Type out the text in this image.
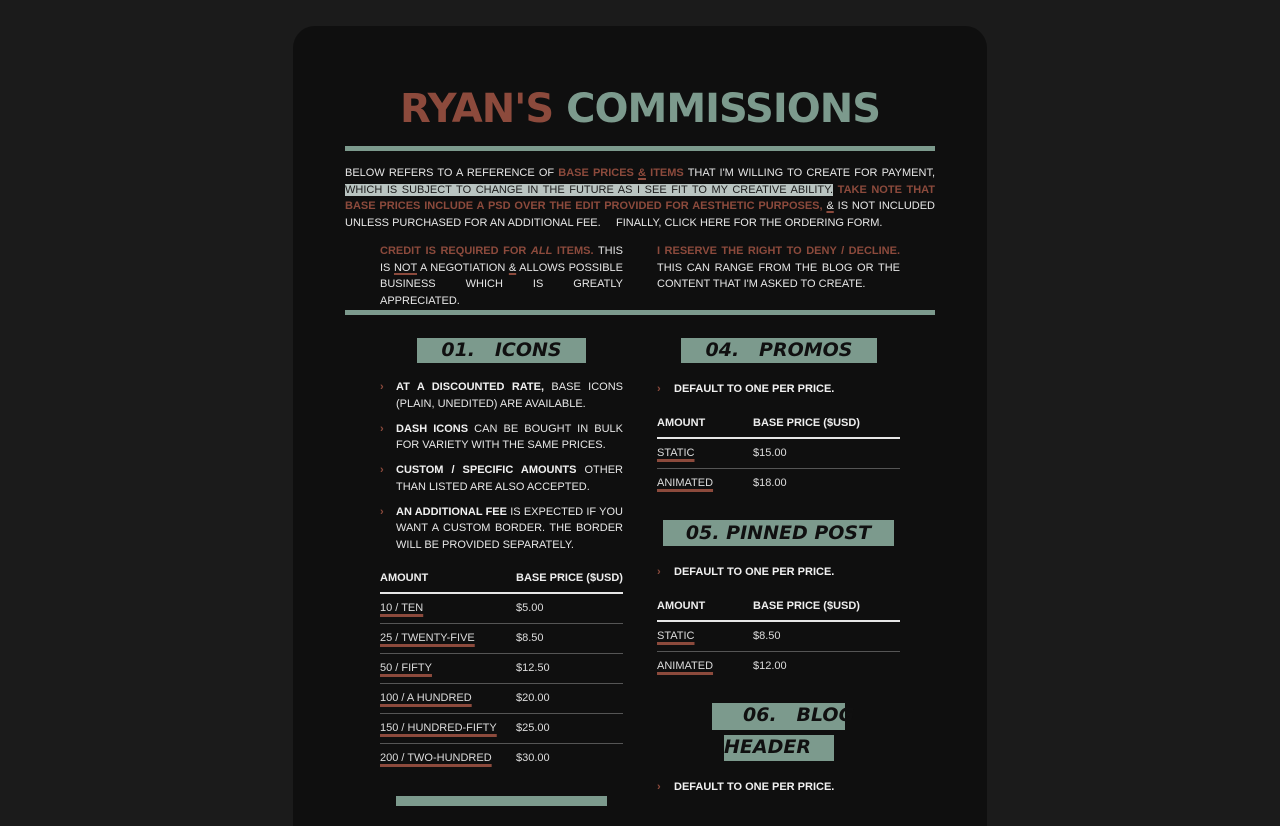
RYAN'S COMMISSIONS
BELOW REFERS TO A REFERENCE OF BASE PRICES & ITEMS THAT I'M WILLING TO CREATE FOR PAYMENT, WHICH IS SUBJECT TO CHANGE IN THE FUTURE AS I SEE FIT TO MY CREATIVE ABILITY. TAKE NOTE THAT BASE PRICES INCLUDE A PSD OVER THE EDIT PROVIDED FOR AESTHETIC PURPOSES, & IS NOT INCLUDED UNLESS PURCHASED FOR AN ADDITIONAL FEE. FINALLY, CLICK HERE FOR THE ORDERING FORM.
CREDIT IS REQUIRED FOR ALL ITEMS. THIS IS NOT A NEGOTIATION & ALLOWS POSSIBLE BUSINESS WHICH IS GREATLY APPRECIATED.
I RESERVE THE RIGHT TO DENY / DECLINE. THIS CAN RANGE FROM THE BLOG OR THE CONTENT THAT I'M ASKED TO CREATE.
01.   ICONS
› AT A DISCOUNTED RATE, BASE ICONS (PLAIN, UNEDITED) ARE AVAILABLE.
› DASH ICONS CAN BE BOUGHT IN BULK FOR VARIETY WITH THE SAME PRICES.
› CUSTOM / SPECIFIC AMOUNTS OTHER THAN LISTED ARE ALSO ACCEPTED.
› AN ADDITIONAL FEE IS EXPECTED IF YOU WANT A CUSTOM BORDER. THE BORDER WILL BE PROVIDED SEPARATELY.
AMOUNT	BASE PRICE ($USD)
10 / TEN	$5.00
25 / TWENTY-FIVE	$8.50
50 / FIFTY	$12.50
100 / A HUNDRED	$20.00
150 / HUNDRED-FIFTY	$25.00
200 / TWO-HUNDRED	$30.00
04.   PROMOS
› DEFAULT TO ONE PER PRICE.
AMOUNT	BASE PRICE ($USD)
STATIC	$15.00
ANIMATED	$18.00
05. PINNED POST
› DEFAULT TO ONE PER PRICE.
AMOUNT	BASE PRICE ($USD)
STATIC	$8.50
ANIMATED	$12.00
06.   BLOG
HEADER
› DEFAULT TO ONE PER PRICE.
